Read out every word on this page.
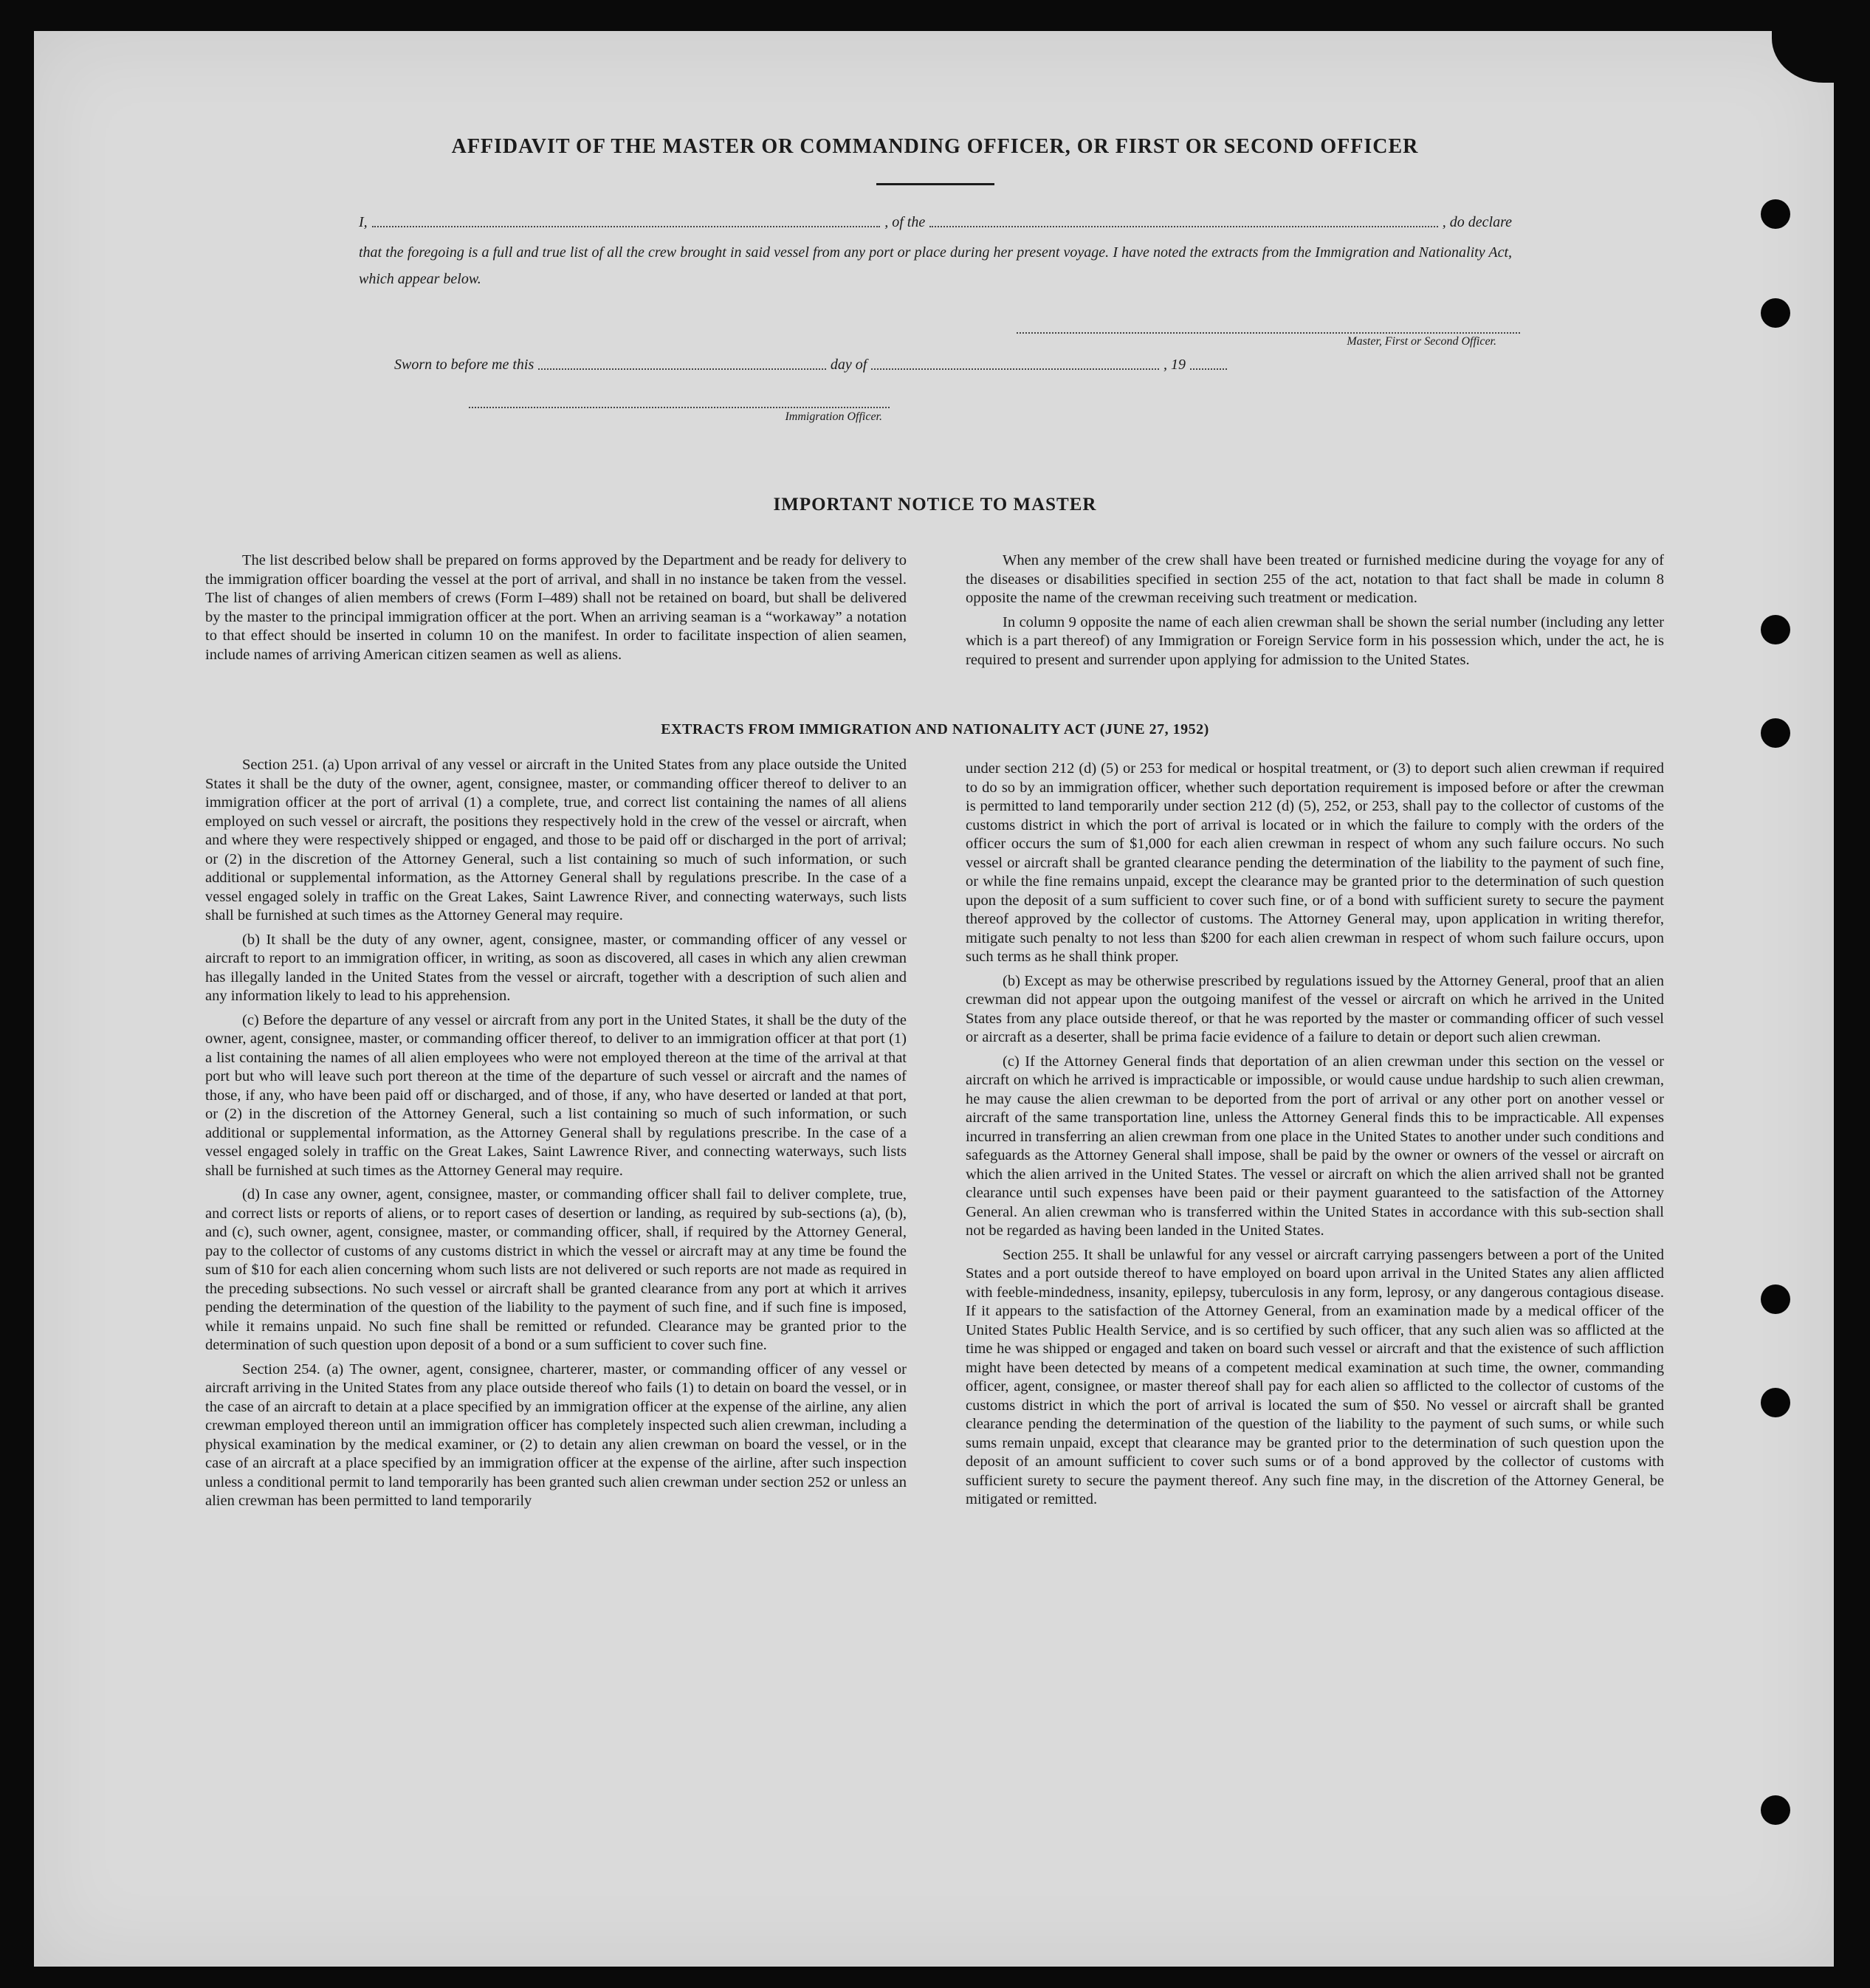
AFFIDAVIT OF THE MASTER OR COMMANDING OFFICER, OR FIRST OR SECOND OFFICER
I,	, of the	, do declare
that the foregoing is a full and true list of all the crew brought in said vessel from any port or place during her present voyage. I have noted the extracts from the Immigration and Nationality Act, which appear below.
Master, First or Second Officer.
Sworn to before me this	day of	, 19
Immigration Officer.
IMPORTANT NOTICE TO MASTER

The list described below shall be prepared on forms approved by the Department and be ready for delivery to the immigration officer boarding the vessel at the port of arrival, and shall in no instance be taken from the vessel. The list of changes of alien members of crews (Form I–489) shall not be retained on board, but shall be delivered by the master to the principal immigration officer at the port. When an arriving seaman is a “workaway” a notation to that effect should be inserted in column 10 on the manifest. In order to facilitate inspection of alien seamen, include names of arriving American citizen seamen as well as aliens.

When any member of the crew shall have been treated or furnished medicine during the voyage for any of the diseases or disabilities specified in section 255 of the act, notation to that fact shall be made in column 8 opposite the name of the crewman receiving such treatment or medication.

In column 9 opposite the name of each alien crewman shall be shown the serial number (including any letter which is a part thereof) of any Immigration or Foreign Service form in his possession which, under the act, he is required to present and surrender upon applying for admission to the United States.

EXTRACTS FROM IMMIGRATION AND NATIONALITY ACT (JUNE 27, 1952)

Section 251. (a) Upon arrival of any vessel or aircraft in the United States from any place outside the United States it shall be the duty of the owner, agent, consignee, master, or commanding officer thereof to deliver to an immigration officer at the port of arrival (1) a complete, true, and correct list containing the names of all aliens employed on such vessel or aircraft, the positions they respectively hold in the crew of the vessel or aircraft, when and where they were respectively shipped or engaged, and those to be paid off or discharged in the port of arrival; or (2) in the discretion of the Attorney General, such a list containing so much of such information, or such additional or supplemental information, as the Attorney General shall by regulations prescribe. In the case of a vessel engaged solely in traffic on the Great Lakes, Saint Lawrence River, and connecting waterways, such lists shall be furnished at such times as the Attorney General may require.

(b) It shall be the duty of any owner, agent, consignee, master, or commanding officer of any vessel or aircraft to report to an immigration officer, in writing, as soon as discovered, all cases in which any alien crewman has illegally landed in the United States from the vessel or aircraft, together with a description of such alien and any information likely to lead to his apprehension.

(c) Before the departure of any vessel or aircraft from any port in the United States, it shall be the duty of the owner, agent, consignee, master, or commanding officer thereof, to deliver to an immigration officer at that port (1) a list containing the names of all alien employees who were not employed thereon at the time of the arrival at that port but who will leave such port thereon at the time of the departure of such vessel or aircraft and the names of those, if any, who have been paid off or discharged, and of those, if any, who have deserted or landed at that port, or (2) in the discretion of the Attorney General, such a list containing so much of such information, or such additional or supplemental information, as the Attorney General shall by regulations prescribe. In the case of a vessel engaged solely in traffic on the Great Lakes, Saint Lawrence River, and connecting waterways, such lists shall be furnished at such times as the Attorney General may require.

(d) In case any owner, agent, consignee, master, or commanding officer shall fail to deliver complete, true, and correct lists or reports of aliens, or to report cases of desertion or landing, as required by sub-sections (a), (b), and (c), such owner, agent, consignee, master, or commanding officer, shall, if required by the Attorney General, pay to the collector of customs of any customs district in which the vessel or aircraft may at any time be found the sum of $10 for each alien concerning whom such lists are not delivered or such reports are not made as required in the preceding subsections. No such vessel or aircraft shall be granted clearance from any port at which it arrives pending the determination of the question of the liability to the payment of such fine, and if such fine is imposed, while it remains unpaid. No such fine shall be remitted or refunded. Clearance may be granted prior to the determination of such question upon deposit of a bond or a sum sufficient to cover such fine.

Section 254. (a) The owner, agent, consignee, charterer, master, or commanding officer of any vessel or aircraft arriving in the United States from any place outside thereof who fails (1) to detain on board the vessel, or in the case of an aircraft to detain at a place specified by an immigration officer at the expense of the airline, any alien crewman employed thereon until an immigration officer has completely inspected such alien crewman, including a physical examination by the medical examiner, or (2) to detain any alien crewman on board the vessel, or in the case of an aircraft at a place specified by an immigration officer at the expense of the airline, after such inspection unless a conditional permit to land temporarily has been granted such alien crewman under section 252 or unless an alien crewman has been permitted to land temporarily

under section 212 (d) (5) or 253 for medical or hospital treatment, or (3) to deport such alien crewman if required to do so by an immigration officer, whether such deportation requirement is imposed before or after the crewman is permitted to land temporarily under section 212 (d) (5), 252, or 253, shall pay to the collector of customs of the customs district in which the port of arrival is located or in which the failure to comply with the orders of the officer occurs the sum of $1,000 for each alien crewman in respect of whom any such failure occurs. No such vessel or aircraft shall be granted clearance pending the determination of the liability to the payment of such fine, or while the fine remains unpaid, except the clearance may be granted prior to the determination of such question upon the deposit of a sum sufficient to cover such fine, or of a bond with sufficient surety to secure the payment thereof approved by the collector of customs. The Attorney General may, upon application in writing therefor, mitigate such penalty to not less than $200 for each alien crewman in respect of whom such failure occurs, upon such terms as he shall think proper.

(b) Except as may be otherwise prescribed by regulations issued by the Attorney General, proof that an alien crewman did not appear upon the outgoing manifest of the vessel or aircraft on which he arrived in the United States from any place outside thereof, or that he was reported by the master or commanding officer of such vessel or aircraft as a deserter, shall be prima facie evidence of a failure to detain or deport such alien crewman.

(c) If the Attorney General finds that deportation of an alien crewman under this section on the vessel or aircraft on which he arrived is impracticable or impossible, or would cause undue hardship to such alien crewman, he may cause the alien crewman to be deported from the port of arrival or any other port on another vessel or aircraft of the same transportation line, unless the Attorney General finds this to be impracticable. All expenses incurred in transferring an alien crewman from one place in the United States to another under such conditions and safeguards as the Attorney General shall impose, shall be paid by the owner or owners of the vessel or aircraft on which the alien arrived in the United States. The vessel or aircraft on which the alien arrived shall not be granted clearance until such expenses have been paid or their payment guaranteed to the satisfaction of the Attorney General. An alien crewman who is transferred within the United States in accordance with this sub-section shall not be regarded as having been landed in the United States.

Section 255. It shall be unlawful for any vessel or aircraft carrying passengers between a port of the United States and a port outside thereof to have employed on board upon arrival in the United States any alien afflicted with feeble-mindedness, insanity, epilepsy, tuberculosis in any form, leprosy, or any dangerous contagious disease. If it appears to the satisfaction of the Attorney General, from an examination made by a medical officer of the United States Public Health Service, and is so certified by such officer, that any such alien was so afflicted at the time he was shipped or engaged and taken on board such vessel or aircraft and that the existence of such affliction might have been detected by means of a competent medical examination at such time, the owner, commanding officer, agent, consignee, or master thereof shall pay for each alien so afflicted to the collector of customs of the customs district in which the port of arrival is located the sum of $50. No vessel or aircraft shall be granted clearance pending the determination of the question of the liability to the payment of such sums, or while such sums remain unpaid, except that clearance may be granted prior to the determination of such question upon the deposit of an amount sufficient to cover such sums or of a bond approved by the collector of customs with sufficient surety to secure the payment thereof. Any such fine may, in the discretion of the Attorney General, be mitigated or remitted.
